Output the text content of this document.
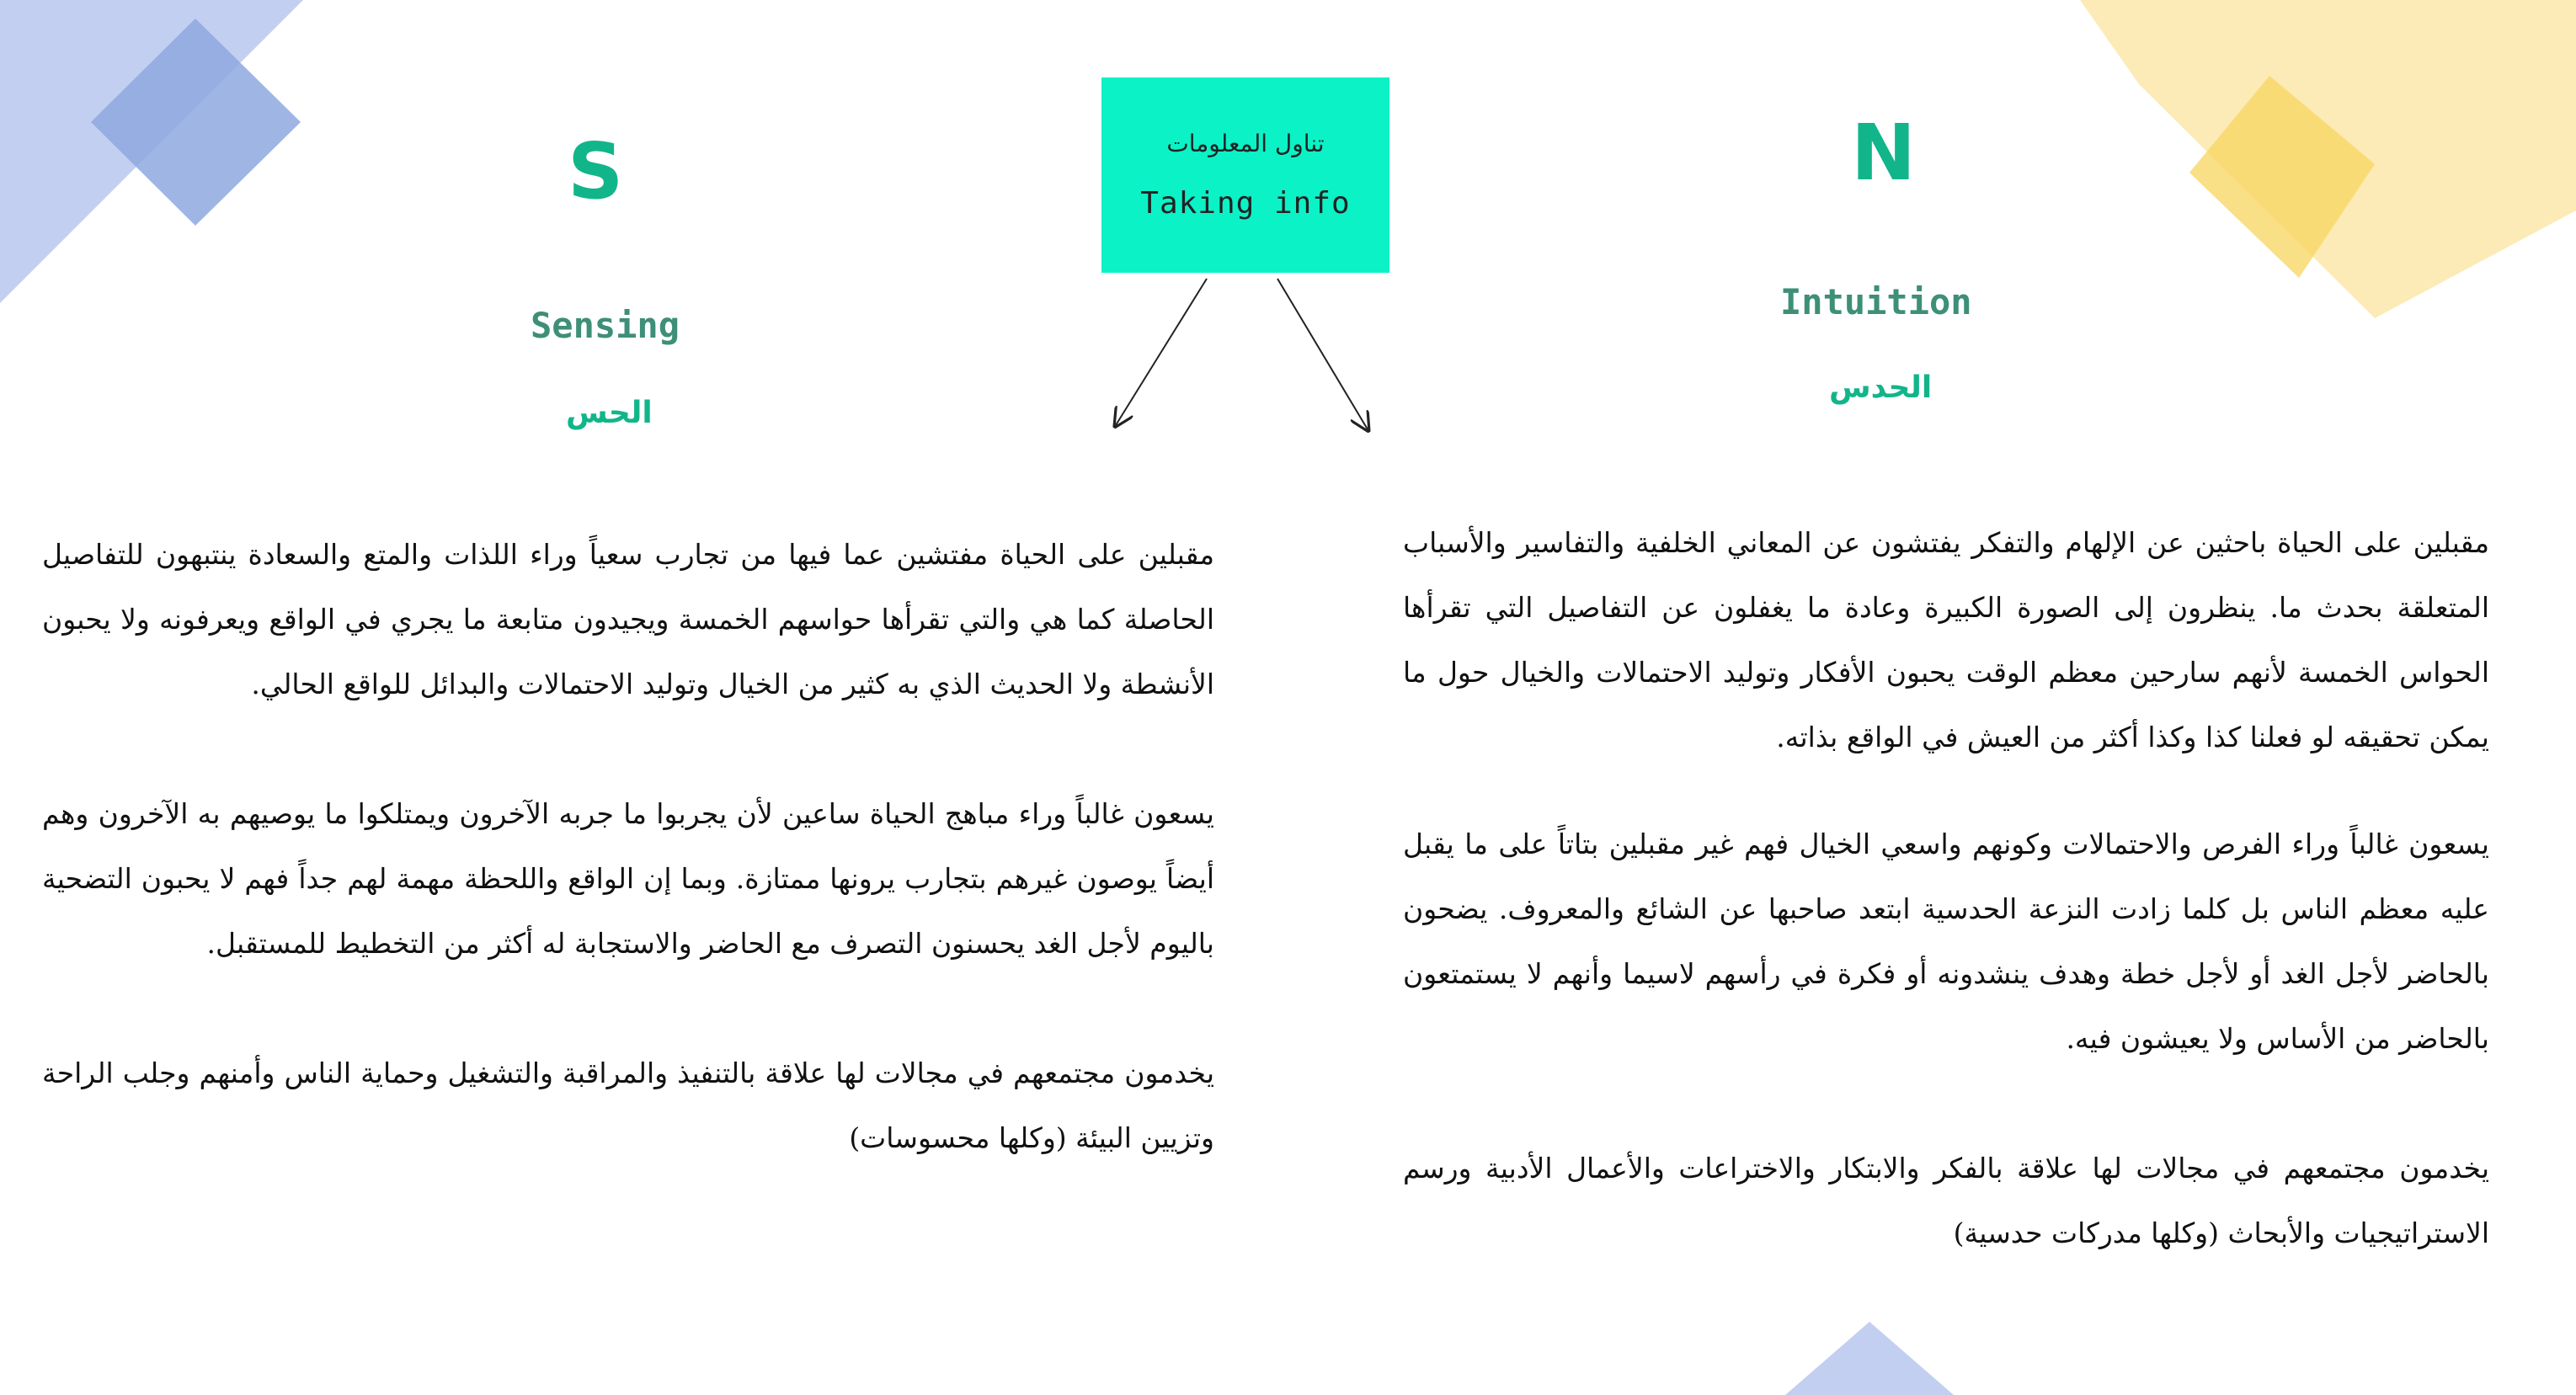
تناول المعلومات
Taking info
S
Sensing
الحس
N
Intuition
الحدس

مقبلين على الحياة مفتشين عما فيها من تجارب سعياً وراء اللذات والمتع والسعادة ينتبهون للتفاصيل الحاصلة كما هي والتي تقرأها حواسهم الخمسة ويجيدون متابعة ما يجري في الواقع ويعرفونه ولا يحبون الأنشطة ولا الحديث الذي به كثير من الخيال وتوليد الاحتمالات والبدائل للواقع الحالي.

يسعون غالباً وراء مباهج الحياة ساعين لأن يجربوا ما جربه الآخرون ويمتلكوا ما يوصيهم به الآخرون وهم أيضاً يوصون غيرهم بتجارب يرونها ممتازة. وبما إن الواقع واللحظة مهمة لهم جداً فهم لا يحبون التضحية باليوم لأجل الغد يحسنون التصرف مع الحاضر والاستجابة له أكثر من التخطيط للمستقبل.

يخدمون مجتمعهم في مجالات لها علاقة بالتنفيذ والمراقبة والتشغيل وحماية الناس وأمنهم وجلب الراحة وتزيين البيئة (وكلها محسوسات)

مقبلين على الحياة باحثين عن الإلهام والتفكر يفتشون عن المعاني الخلفية والتفاسير والأسباب المتعلقة بحدث ما. ينظرون إلى الصورة الكبيرة وعادة ما يغفلون عن التفاصيل التي تقرأها الحواس الخمسة لأنهم سارحين معظم الوقت يحبون الأفكار وتوليد الاحتمالات والخيال حول ما يمكن تحقيقه لو فعلنا كذا وكذا أكثر من العيش في الواقع بذاته.

يسعون غالباً وراء الفرص والاحتمالات وكونهم واسعي الخيال فهم غير مقبلين بتاتاً على ما يقبل عليه معظم الناس بل كلما زادت النزعة الحدسية ابتعد صاحبها عن الشائع والمعروف. يضحون بالحاضر لأجل الغد أو لأجل خطة وهدف ينشدونه أو فكرة في رأسهم لاسيما وأنهم لا يستمتعون بالحاضر من الأساس ولا يعيشون فيه.

يخدمون مجتمعهم في مجالات لها علاقة بالفكر والابتكار والاختراعات والأعمال الأدبية ورسم الاستراتيجيات والأبحاث (وكلها مدركات حدسية)
